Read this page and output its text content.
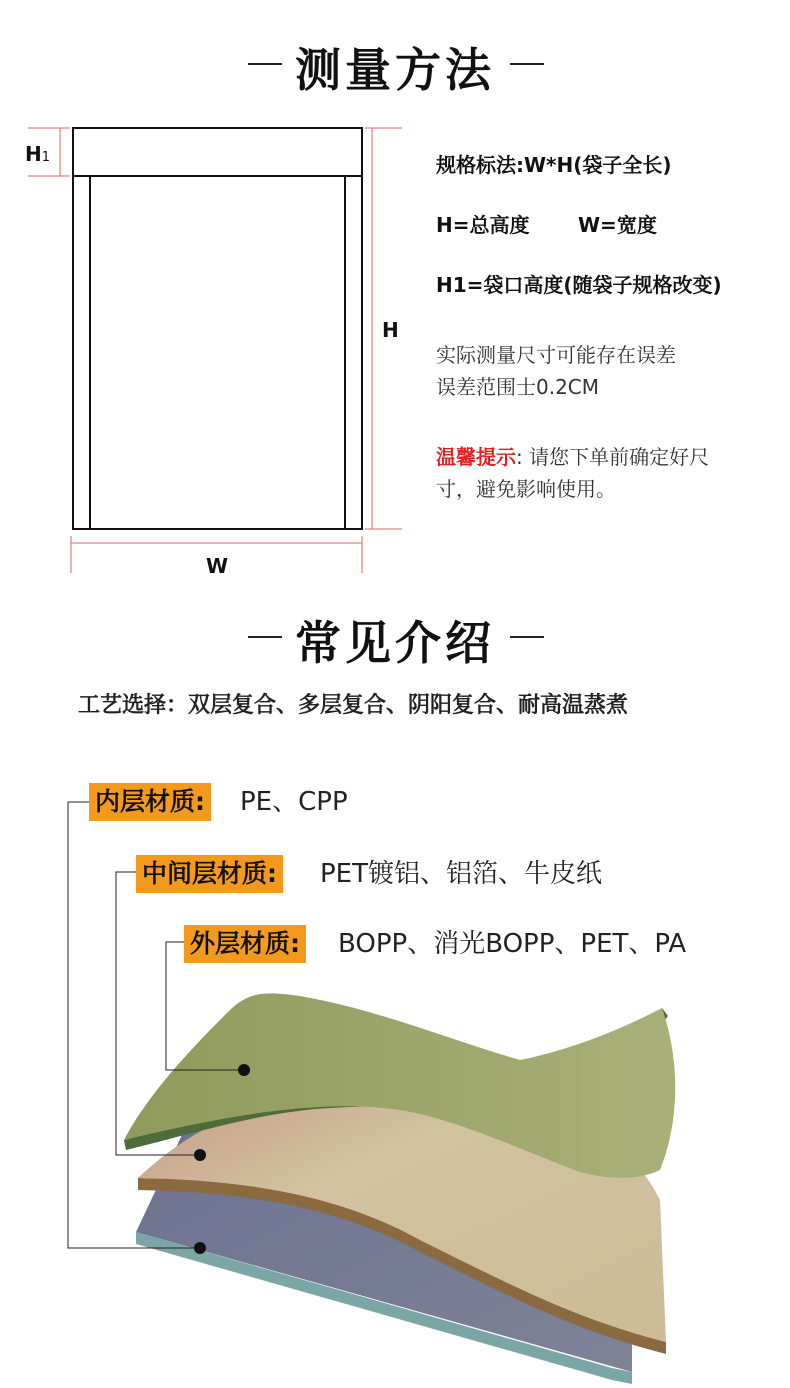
测量方法
H1
H
W
规格标法:W*H(袋子全长)
H=总高度 W=宽度
H1=袋口高度(随袋子规格改变)
实际测量尺寸可能存在误差
误差范围士0.2CM
温馨提示: 请您下单前确定好尺
寸，避免影响使用。
常见介绍
工艺选择：双层复合、多层复合、阴阳复合、耐高温蒸煮
内层材质: PE、CPP
中间层材质: PET镀铝、铝箔、牛皮纸
外层材质: BOPP、消光BOPP、PET、PA
